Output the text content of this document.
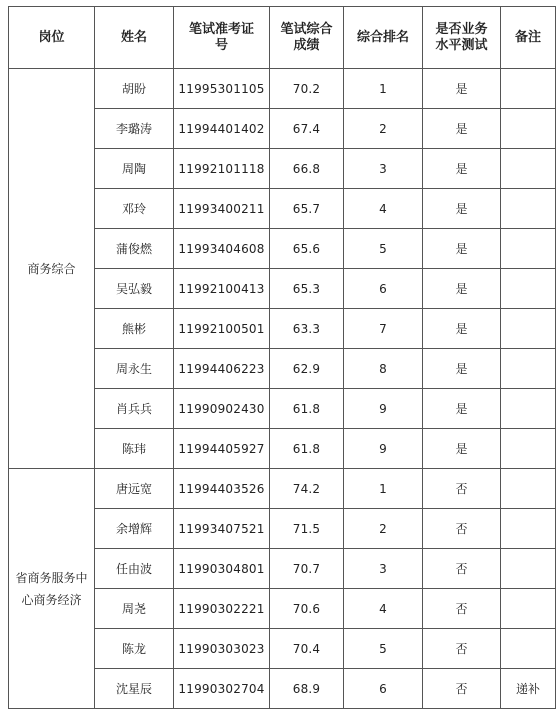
岗位	姓名	笔试准考证号	笔试综合成绩	综合排名	是否业务水平测试	备注
商务综合	胡盼	11995301105	70.2	1	是	
	李璐涛	11994401402	67.4	2	是	
	周陶	11992101118	66.8	3	是	
	邓玲	11993400211	65.7	4	是	
	蒲俊燃	11993404608	65.6	5	是	
	吴弘毅	11992100413	65.3	6	是	
	熊彬	11992100501	63.3	7	是	
	周永生	11994406223	62.9	8	是	
	肖兵兵	11990902430	61.8	9	是	
	陈玮	11994405927	61.8	9	是	
省商务服务中心商务经济	唐远宽	11994403526	74.2	1	否	
	余增辉	11993407521	71.5	2	否	
	任由波	11990304801	70.7	3	否	
	周尧	11990302221	70.6	4	否	
	陈龙	11990303023	70.4	5	否	
	沈星辰	11990302704	68.9	6	否	递补
